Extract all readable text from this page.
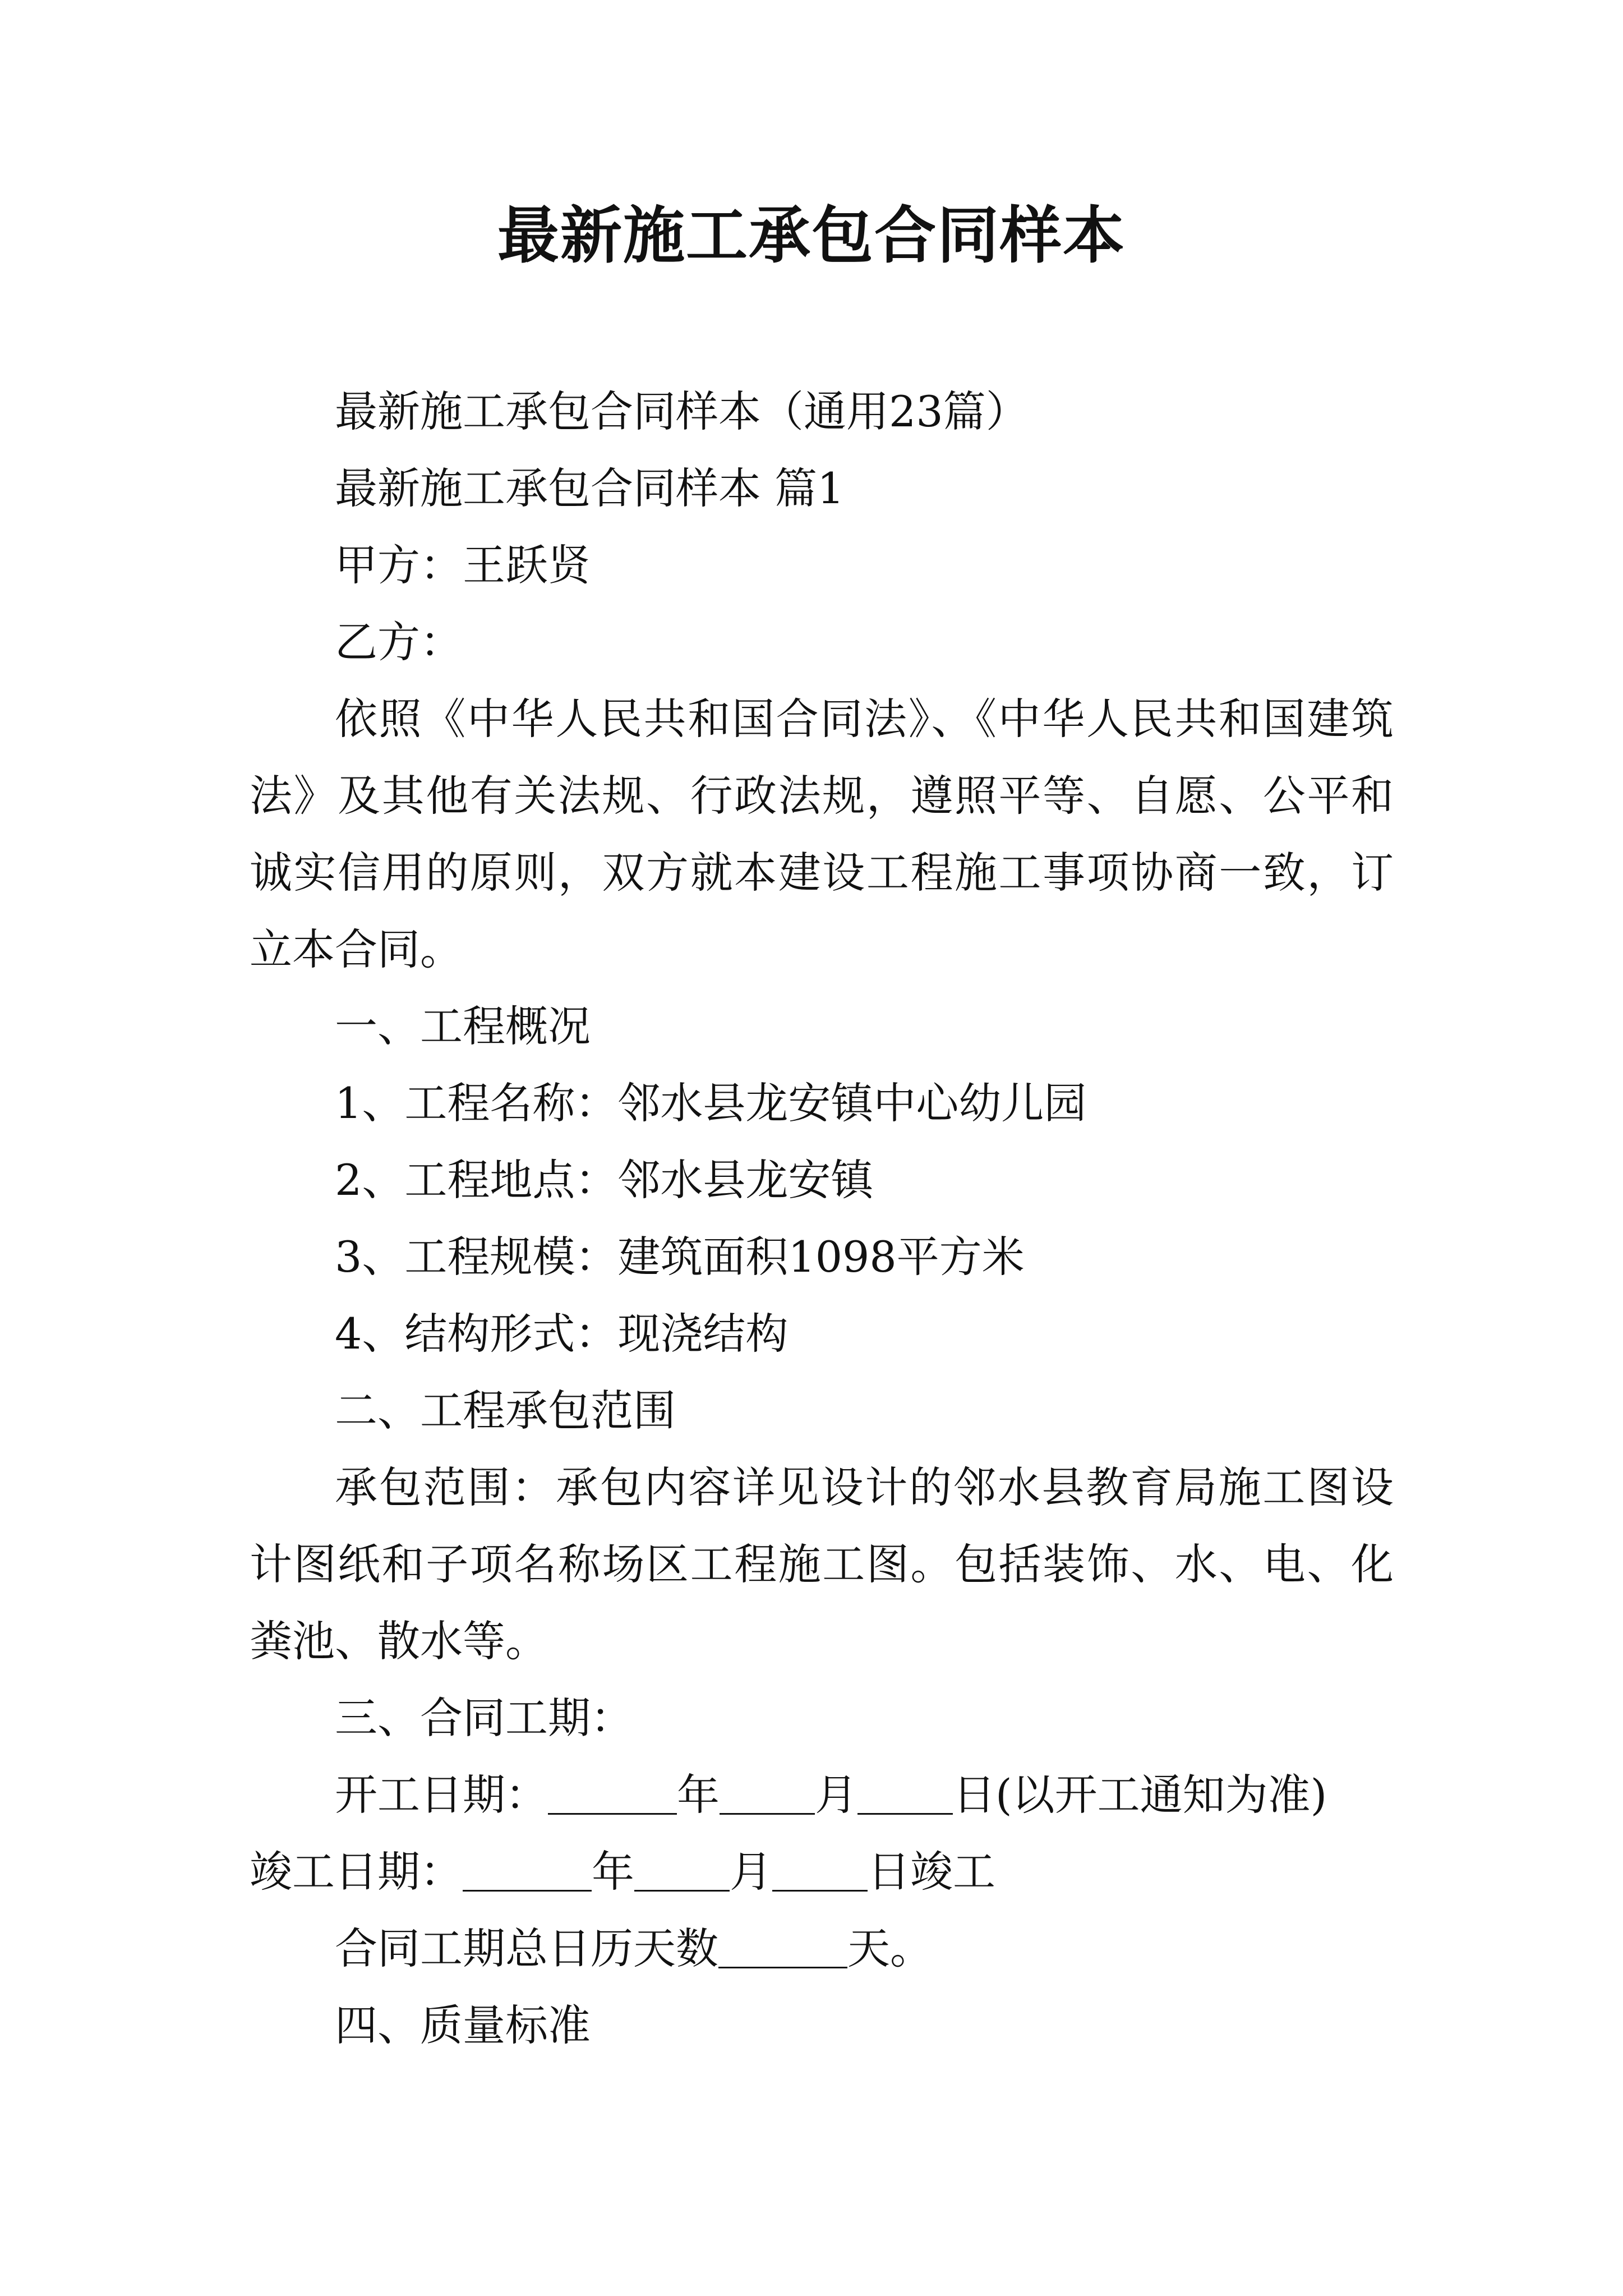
最新施工承包合同样本

最新施工承包合同样本（通用23篇）

最新施工承包合同样本 篇1

甲方：王跃贤

乙方：

依照《中华人民共和国合同法》、《中华人民共和国建筑法》及其他有关法规、行政法规，遵照平等、自愿、公平和诚实信用的原则，双方就本建设工程施工事项协商一致，订立本合同。

一、工程概况

1、工程名称：邻水县龙安镇中心幼儿园

2、工程地点：邻水县龙安镇

3、工程规模：建筑面积1098平方米

4、结构形式：现浇结构

二、工程承包范围

承包范围：承包内容详见设计的邻水县教育局施工图设计图纸和子项名称场区工程施工图。包括装饰、水、电、化粪池、散水等。

三、合同工期：

开工日期：	年 月 日(以开工通知为准)

竣工日期：	年 月 日竣工

合同工期总日历天数	天。

四、质量标准
